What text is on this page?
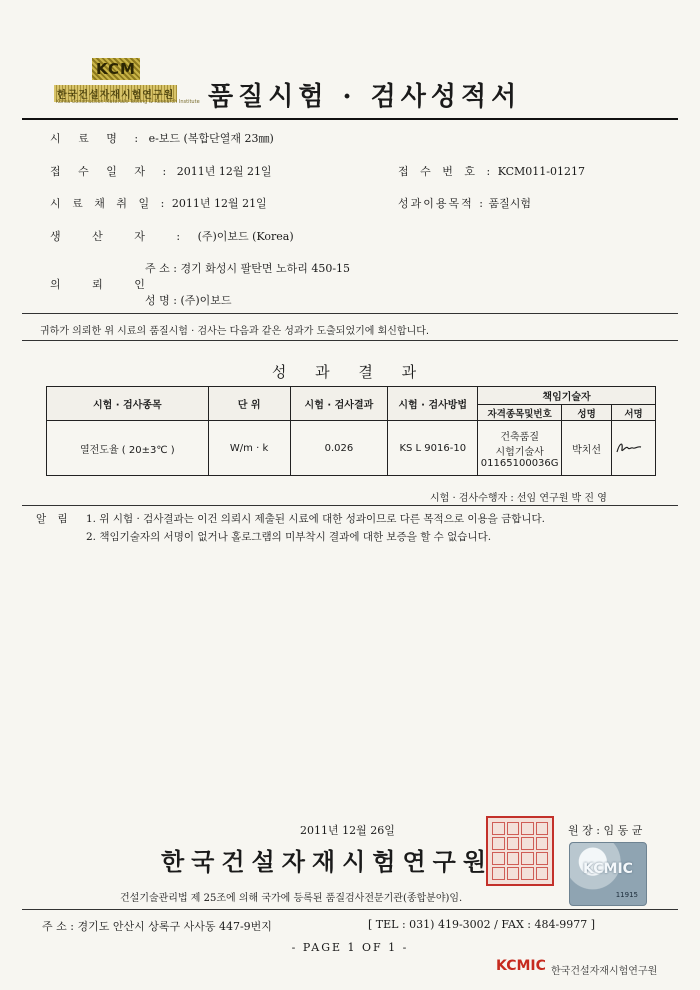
KCM
한국건설자재시험연구원
Korea Construction Materials Testing & Research Institute 품질시험 · 검사성적서
시 료 명 : e-보드 (복합단열재 23㎜)
접 수 일 자 : 2011년 12월 21일	접 수 번 호 : KCM011-01217
시 료 채 취 일 : 2011년 12월 21일	성과이용목적 : 품질시험
생 산 자 : (주)이보드 (Korea)
의 뢰 인
주 소 : 경기 화성시 팔탄면 노하리 450-15
성 명 : (주)이보드
귀하가 의뢰한 위 시료의 품질시험 · 검사는 다음과 같은 성과가 도출되었기에 회신합니다.
성 과 결 과
시험 · 검사종목	단 위	시험 · 검사결과	시험 · 검사방법	책임기술자		
				자격종목및번호	성명	서명
열전도율 ( 20±3℃ )	W/m · k	0.026	KS L 9016-10	건축품질
시험기술사
01165100036G	박치선	
시험 · 검사수행자 : 선임 연구원 박 진 영
알 림 1. 위 시험 · 검사결과는 이건 의뢰시 제출된 시료에 대한 성과이므로 다른 목적으로 이용을 금합니다.
2. 책임기술자의 서명이 없거나 홀로그램의 미부착시 결과에 대한 보증을 할 수 없습니다.
2011년 12월 26일	원 장 : 임 동 균
한국건설자재시험연구원	KCMIC
11915
건설기술관리법 제 25조에 의해 국가에 등록된 품질검사전문기관(종합분야)임.
주 소 : 경기도 안산시 상록구 사사동 447-9번지	[ TEL : 031) 419-3002 / FAX : 484-9977 ]
- PAGE 1 OF 1 -
KCMIC 한국건설자재시험연구원
